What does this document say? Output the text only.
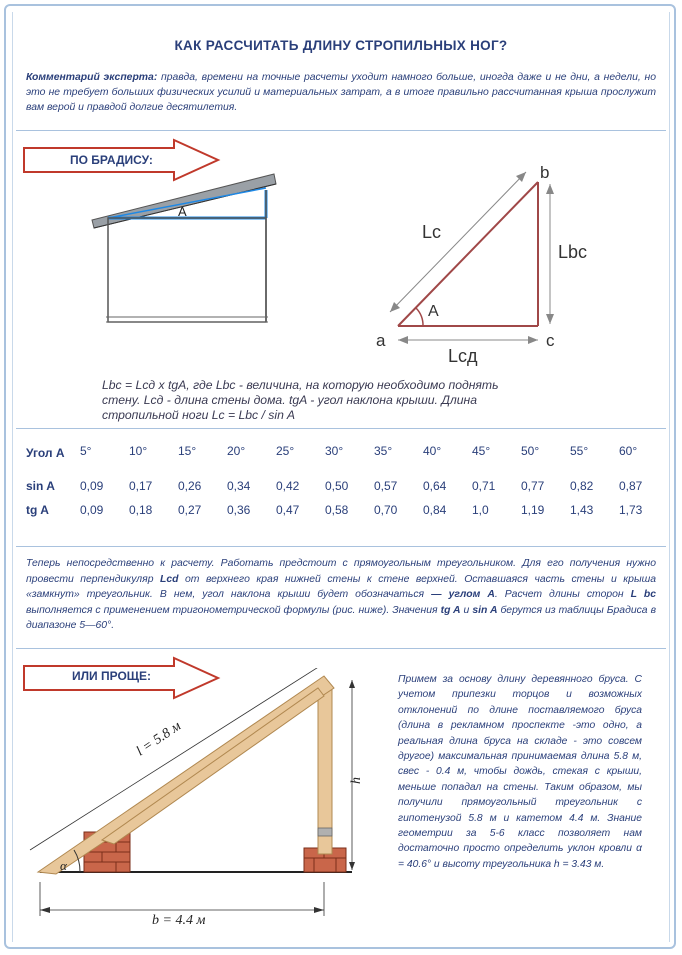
КАК РАССЧИТАТЬ ДЛИНУ СТРОПИЛЬНЫХ НОГ?
Комментарий эксперта: правда, времени на точные расчеты уходит намного больше, иногда даже и не дни, а недели, но это не требует больших физических усилий и материальных затрат, а в итоге правильно рассчитанная крыша прослужит вам верой и правдой долгие десятилетия.
ПО БРАДИСУ:
А
a
b
c
A
Lc
Lbc
Lcд
Lbc = Lcд x tgA, где Lbc - величина, на которую необходимо поднять
стену. Lcд - длина стены дома. tgA - угол наклона крыши. Длина
стропильной ноги Lc = Lbc / sin A
Угол А	5°	10°	15°	20°	25°	30°	35°	40°	45°	50°	55°	60°
sin A	0,09	0,17	0,26	0,34	0,42	0,50	0,57	0,64	0,71	0,77	0,82	0,87
tg A	0,09	0,18	0,27	0,36	0,47	0,58	0,70	0,84	1,0	1,19	1,43	1,73
Теперь непосредственно к расчету. Работать предстоит с прямоугольным треугольником. Для его получения нужно провести перпендикуляр Lcd от верхнего края нижней стены к стене верхней. Оставшаяся часть стены и крыша «замкнут» треугольник. В нем, угол наклона крыши будет обозначаться — углом А. Расчет длины сторон L bc выполняется с применением тригонометрической формулы (рис. ниже). Значения tg A и sin A берутся из таблицы Брадиса в диапазоне 5—60°.
ИЛИ ПРОЩЕ:
α
l = 5.8 м
h
b = 4.4 м
Примем за основу длину деревянного бруса. С учетом припезки торцов и возможных отклонений по длине поставляемого бруса (длина в рекламном проспекте -это одно, а реальная длина бруса на складе - это совсем другое) максимальная принимаемая длина 5.8 м, свес - 0.4 м, чтобы дождь, стекая с крыши, меньше попадал на стены. Таким образом, мы получили прямоугольный треугольник с гипотенузой 5.8 м и катетом 4.4 м. Знание геометрии за 5-6 класс позволяет нам достаточно просто определить уклон кровли α = 40.6° и высоту треугольника h = 3.43 м.
